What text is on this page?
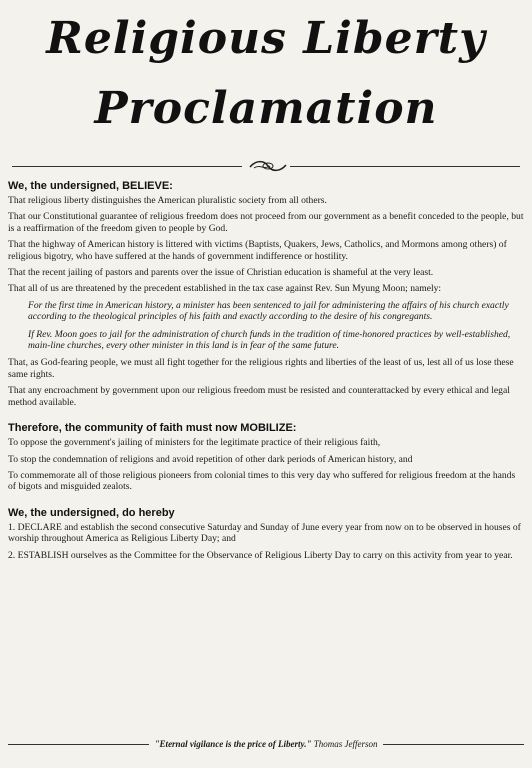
Religious Liberty
Proclamation
We, the undersigned, BELIEVE:

That religious liberty distinguishes the American pluralistic society from all others.

That our Constitutional guarantee of religious freedom does not proceed from our government as a benefit conceded to the people, but is a reaffirmation of the freedom given to people by God.

That the highway of American history is littered with victims (Baptists, Quakers, Jews, Catholics, and Mormons among others) of religious bigotry, who have suffered at the hands of government indifference or hostility.

That the recent jailing of pastors and parents over the issue of Christian education is shameful at the very least.

That all of us are threatened by the precedent established in the tax case against Rev. Sun Myung Moon; namely:

For the first time in American history, a minister has been sentenced to jail for administering the affairs of his church exactly according to the theological principles of his faith and exactly according to the desire of his congregants.

If Rev. Moon goes to jail for the administration of church funds in the tradition of time-honored practices by well-established, main-line churches, every other minister in this land is in fear of the same future.

That, as God-fearing people, we must all fight together for the religious rights and liberties of the least of us, lest all of us lose these same rights.

That any encroachment by government upon our religious freedom must be resisted and counterattacked by every ethical and legal method available.

Therefore, the community of faith must now MOBILIZE:

To oppose the government's jailing of ministers for the legitimate practice of their religious faith,

To stop the condemnation of religions and avoid repetition of other dark periods of American history, and

To commemorate all of those religious pioneers from colonial times to this very day who suffered for religious freedom at the hands of bigots and misguided zealots.

We, the undersigned, do hereby

1. DECLARE and establish the second consecutive Saturday and Sunday of June every year from now on to be observed in houses of worship throughout America as Religious Liberty Day; and

2. ESTABLISH ourselves as the Committee for the Observance of Religious Liberty Day to carry on this activity from year to year.

"Eternal vigilance is the price of Liberty." Thomas Jefferson
